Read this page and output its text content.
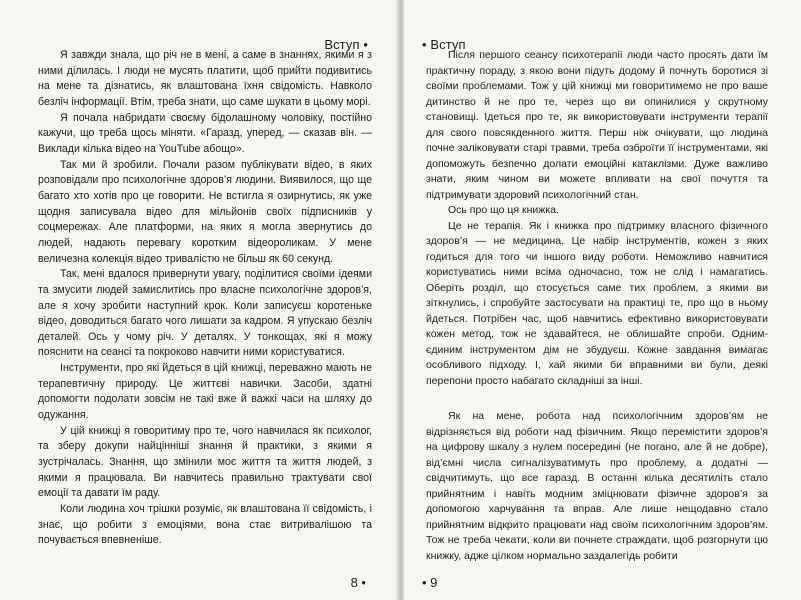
Вступ •

Я завжди знала, що річ не в мені, а саме в знаннях, якими я з ними ділилась. І люди не мусять платити, щоб прийти подивитись на мене та дізнатись, як влаштована їхня свідомість. Навколо безліч інформації. Втім, треба знати, що саме шукати в цьому морі.

Я почала набридати своєму бідолашному чоловіку, постійно кажучи, що треба щось міняти. «Гаразд, уперед, — сказав він. — Виклади кілька відео на YouTube абощо».

Так ми й зробили. Почали разом публікувати відео, в яких розповідали про психологічне здоров’я людини. Виявилося, що ще багато хто хотів про це говорити. Не встигла я озирнутись, як уже щодня записувала відео для мільйонів своїх підписників у соцмережах. Але платформи, на яких я могла звернутись до людей, надають перевагу коротким відеороликам. У мене величезна колекція відео тривалістю не більш як 60 секунд.

Так, мені вдалося привернути увагу, поділитися своїми ідеями та змусити людей замислитись про власне психологічне здоров’я, але я хочу зробити наступний крок. Коли записуєш коротеньке відео, доводиться багато чого лишати за кадром. Я упускаю безліч деталей. Ось у чому річ. У деталях. У тонкощах, які я можу пояснити на сеансі та покроково навчити ними користуватися.

Інструменти, про які йдеться в цій книжці, переважно мають не терапевтичну природу. Це життєві навички. Засоби, здатні допомогти подолати зовсім не такі вже й важкі часи на шляху до одужання.

У цій книжці я говоритиму про те, чого навчилася як психолог, та зберу докупи найцінніші знання й практики, з якими я зустрічалась. Знання, що змінили моє життя та життя людей, з якими я працювала. Ви навчитесь правильно трактувати свої емоції та давати їм раду.

Коли людина хоч трішки розуміє, як влаштована її свідомість, і знає, що робити з емоціями, вона стає витривалішою та почувається впевненіше.

8 •
• Вступ

Після першого сеансу психотерапії люди часто просять дати їм практичну пораду, з якою вони підуть додому й почнуть боротися зі своїми проблемами. Тож у цій книжці ми говоритимемо не про ваше дитинство й не про те, через що ви опинилися у скрутному становищі. Ідеться про те, як використовувати інструменти терапії для свого повсякденного життя. Перш ніж очікувати, що людина почне заліковувати старі травми, треба озброїти її інструментами, які допоможуть безпечно долати емоційні катаклізми. Дуже важливо знати, яким чином ви можете впливати на свої почуття та підтримувати здоровий психологічний стан.

Ось про що ця книжка.

Це не терапія. Як і книжка про підтримку власного фізичного здоров’я — не медицина. Це набір інструментів, кожен з яких годиться для того чи іншого виду роботи. Неможливо навчитися користуватись ними всіма одночасно, тож не слід і намагатись. Оберіть розділ, що стосується саме тих проблем, з якими ви зіткнулись, і спробуйте застосувати на практиці те, про що в ньому йдеться. Потрібен час, щоб навчитись ефективно використовувати кожен метод, тож не здавайтеся, не облишайте спроби. Одним-єдиним інструментом дім не збудуєш. Кожне завдання вимагає особливого підходу. І, хай якими би вправними ви були, деякі перепони просто набагато складніші за інші.

Як на мене, робота над психологічним здоров’ям не відрізняється від роботи над фізичним. Якщо перемістити здоров’я на цифрову шкалу з нулем посередині (не погано, але й не добре), від’ємні числа сигналізуватимуть про проблему, а додатні — свідчитимуть, що все гаразд. В останні кілька десятиліть стало прийнятним і навіть модним зміцнювати фізичне здоров’я за допомогою харчування та вправ. Але лише нещодавно стало прийнятним відкрито працювати над своїм психологічним здоров’ям. Тож не треба чекати, коли ви почнете страждати, щоб розгорнути цю книжку, адже цілком нормально заздалегідь робити

• 9
